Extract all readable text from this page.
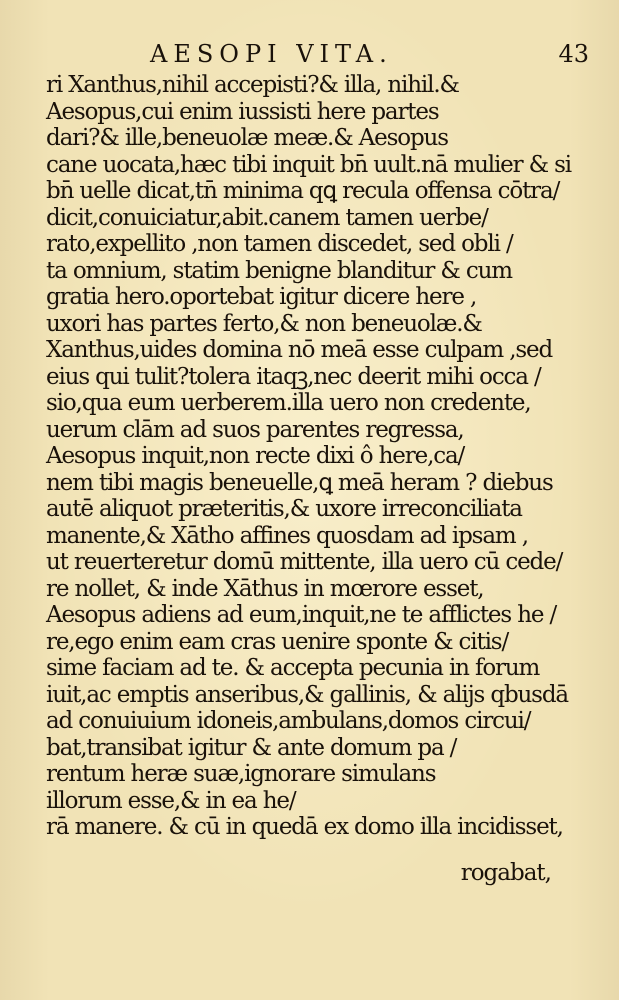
AESOPI VITA.	43
ri Xanthus,nihil accepisti?& illa, nihil.&
Aesopus,cui enim iussisti here partes
dari?& ille,beneuolæ meæ.& Aesopus
cane uocata,hæc tibi inquit bn̄ uult.nā mulier & si
bn̄ uelle dicat,tn̄ minima qꝗ recula offensa cōtra/
dicit,conuiciatur,abit.canem tamen uerbe/
rato,expellito ,non tamen discedet, sed obli /
ta omnium, statim benigne blanditur & cum
gratia hero.oportebat igitur dicere here ,
uxori has partes ferto,& non beneuolæ.&
Xanthus,uides domina nō meā esse culpam ,sed
eius qui tulit?tolera itaqꝫ,nec deerit mihi occa /
sio,qua eum uerberem.illa uero non credente,
uerum clām ad suos parentes regressa,
Aesopus inquit,non recte dixi ô here,ca/
nem tibi magis beneuelle,ꝗ meā heram ? diebus
autē aliquot præteritis,& uxore irreconciliata
manente,& Xātho affines quosdam ad ipsam ,
ut reuerteretur domū mittente, illa uero cū cede/
re nollet, & inde Xāthus in mœrore esset,
Aesopus adiens ad eum,inquit,ne te afflictes he /
re,ego enim eam cras uenire sponte & citis/
sime faciam ad te. & accepta pecunia in forum
iuit,ac emptis anseribus,& gallinis, & alijs qbusdā
ad conuiuium idoneis,ambulans,domos circui/
bat,transibat igitur & ante domum pa /
rentum heræ suæ,ignorare simulans
illorum esse,& in ea he/
rā manere. & cū in quedā ex domo illa incidisset,
rogabat,
